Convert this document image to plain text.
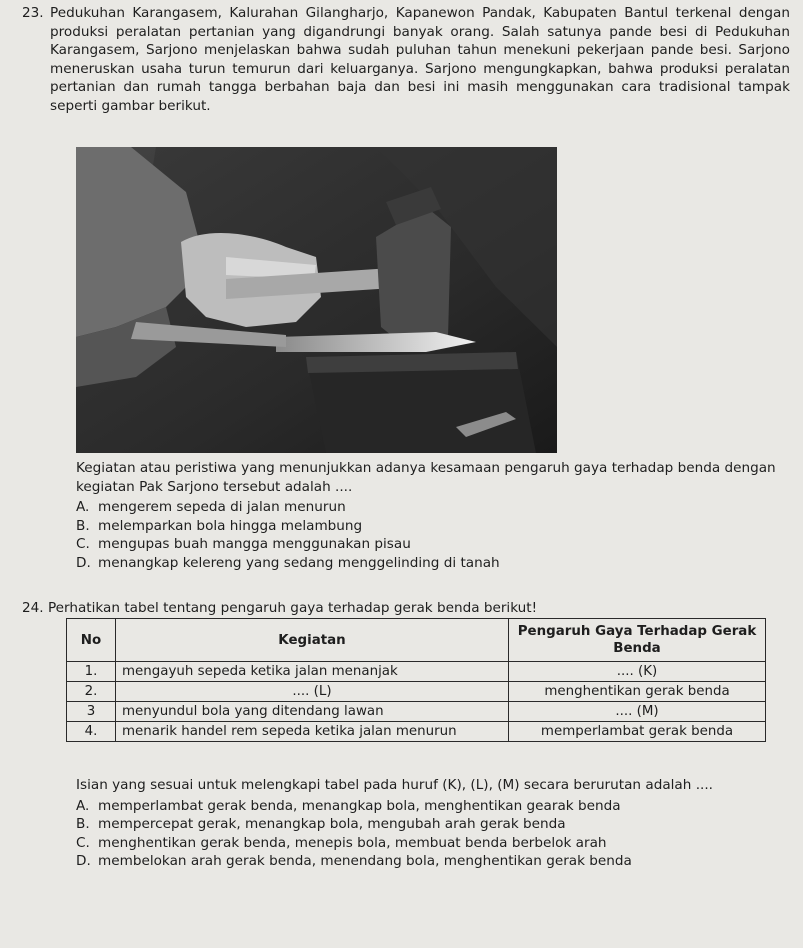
23. Pedukuhan Karangasem, Kalurahan Gilangharjo, Kapanewon Pandak, Kabupaten Bantul terkenal dengan produksi peralatan pertanian yang digandrungi banyak orang. Salah satunya pande besi di Pedukuhan Karangasem, Sarjono menjelaskan bahwa sudah puluhan tahun menekuni pekerjaan pande besi. Sarjono meneruskan usaha turun temurun dari keluarganya. Sarjono mengungkapkan, bahwa produksi peralatan pertanian dan rumah tangga berbahan baja dan besi ini masih menggunakan cara tradisional tampak seperti gambar berikut.
Kegiatan atau peristiwa yang menunjukkan adanya kesamaan pengaruh gaya terhadap benda dengan kegiatan Pak Sarjono tersebut adalah ....
A. mengerem sepeda di jalan menurun
B. melemparkan bola hingga melambung
C. mengupas buah mangga menggunakan pisau
D. menangkap kelereng yang sedang menggelinding di tanah
24. Perhatikan tabel tentang pengaruh gaya terhadap gerak benda berikut!
No	Kegiatan	Pengaruh Gaya Terhadap Gerak Benda
1.	mengayuh sepeda ketika jalan menanjak	.... (K)
2.	.... (L)	menghentikan gerak benda
3	menyundul bola yang ditendang lawan	.... (M)
4.	menarik handel rem sepeda ketika jalan menurun	memperlambat gerak benda
Isian yang sesuai untuk melengkapi tabel pada huruf (K), (L), (M) secara berurutan adalah ....
A. memperlambat gerak benda, menangkap bola, menghentikan gearak benda
B. mempercepat gerak, menangkap bola, mengubah arah gerak benda
C. menghentikan gerak benda, menepis bola, membuat benda berbelok arah
D. membelokan arah gerak benda, menendang bola, menghentikan gerak benda
